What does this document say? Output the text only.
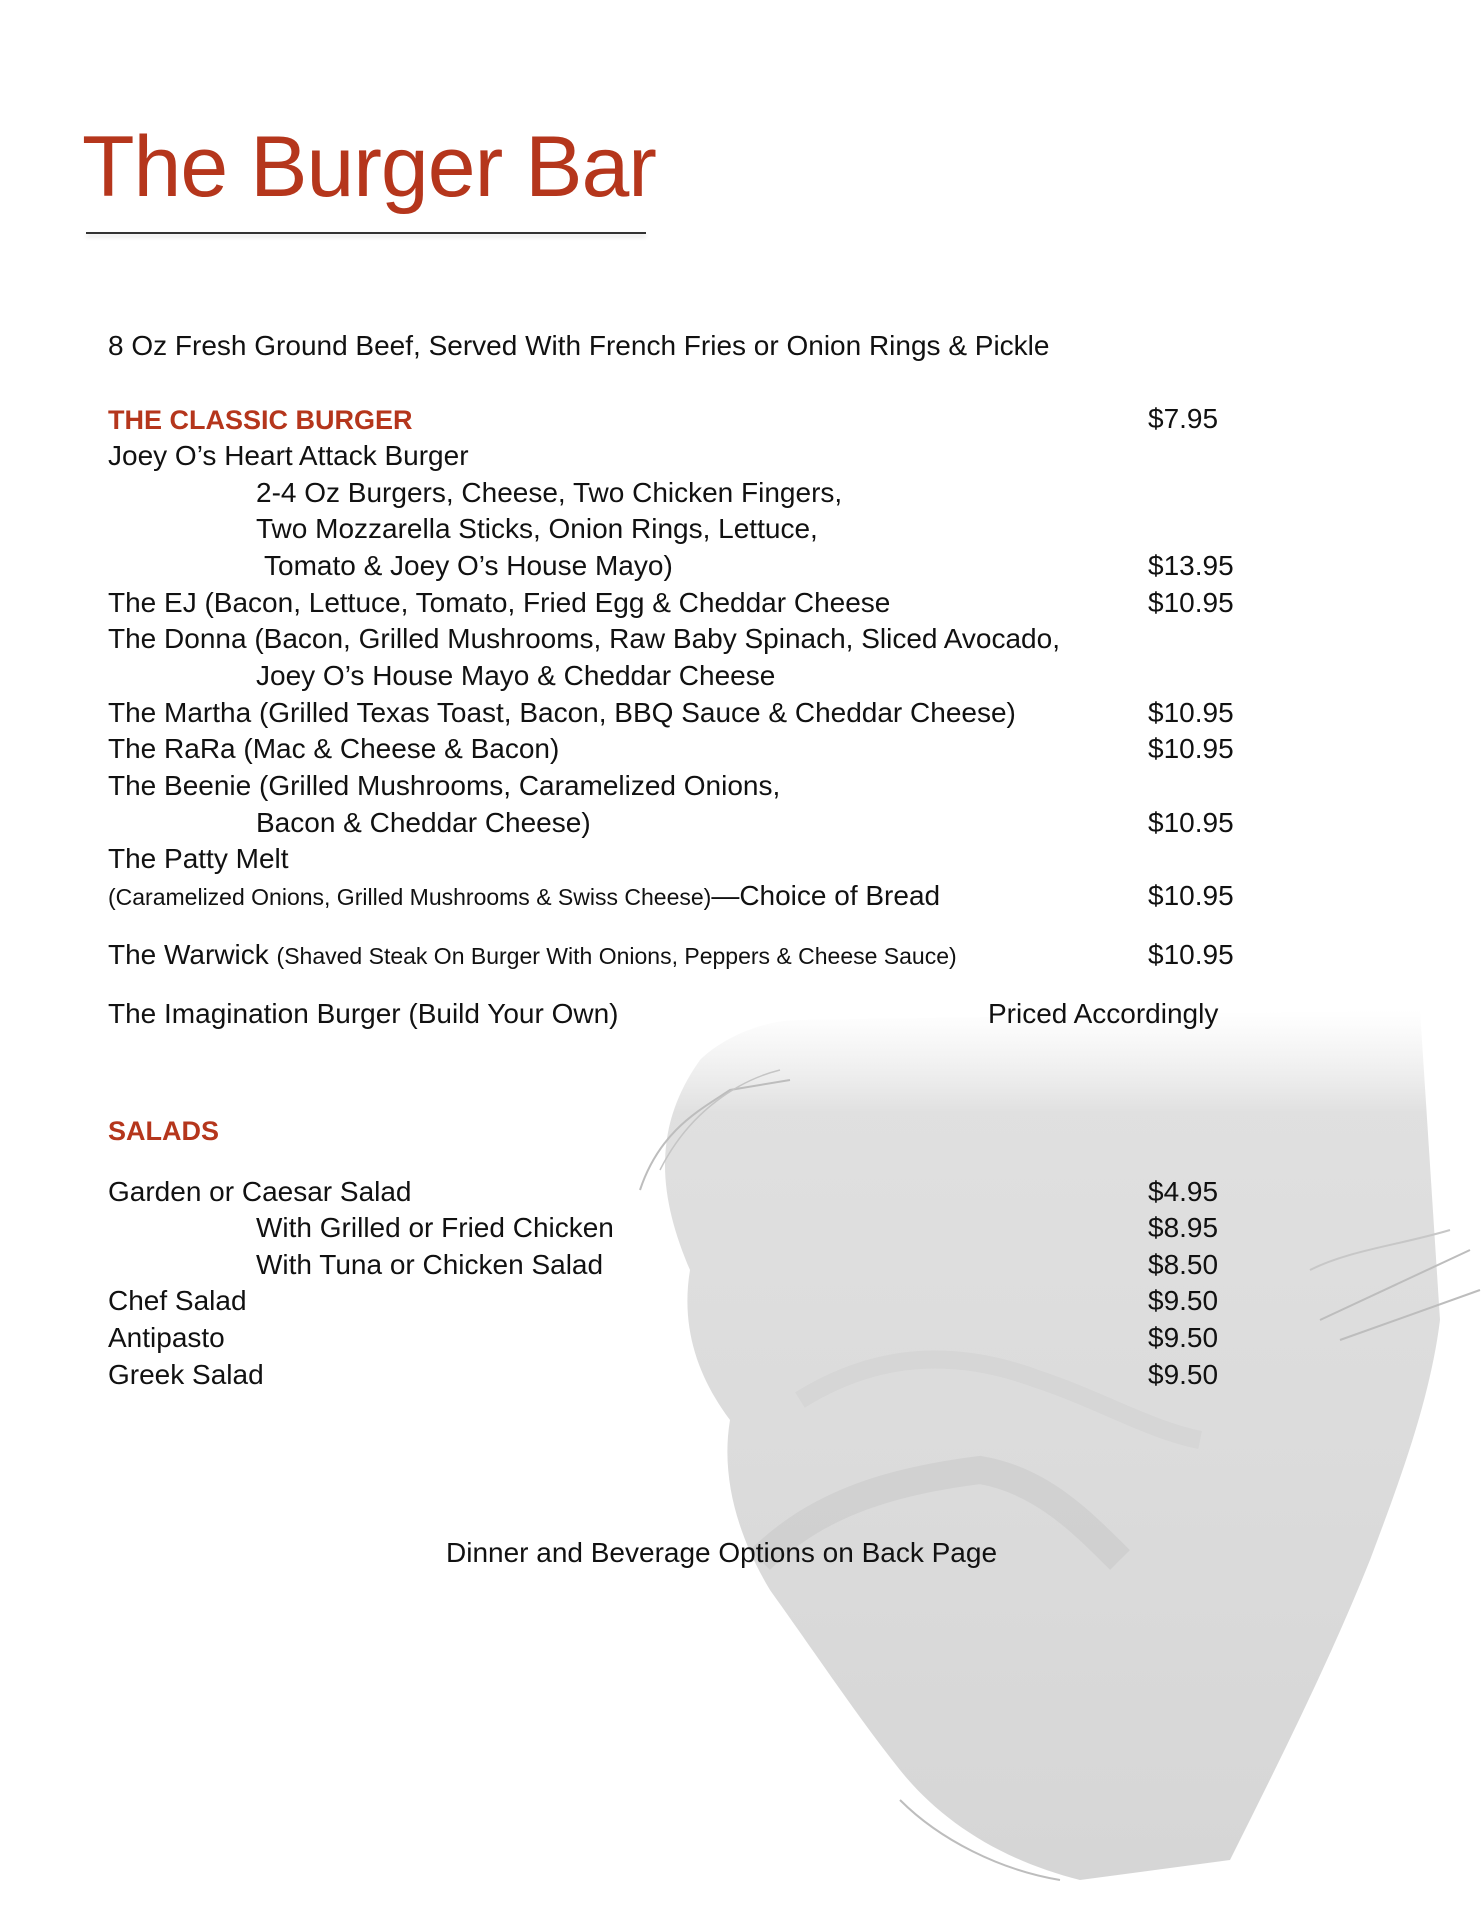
The Burger Bar
8 Oz Fresh Ground Beef, Served With French Fries or Onion Rings & Pickle
THE CLASSIC BURGER	$7.95
Joey O’s Heart Attack Burger
2-4 Oz Burgers, Cheese, Two Chicken Fingers,
Two Mozzarella Sticks, Onion Rings, Lettuce,
Tomato & Joey O’s House Mayo)	$13.95
The EJ (Bacon, Lettuce, Tomato, Fried Egg & Cheddar Cheese	$10.95
The Donna (Bacon, Grilled Mushrooms, Raw Baby Spinach, Sliced Avocado,
Joey O’s House Mayo & Cheddar Cheese
The Martha (Grilled Texas Toast, Bacon, BBQ Sauce & Cheddar Cheese)	$10.95
The RaRa (Mac & Cheese & Bacon)	$10.95
The Beenie (Grilled Mushrooms, Caramelized Onions,
Bacon & Cheddar Cheese)	$10.95
The Patty Melt
(Caramelized Onions, Grilled Mushrooms & Swiss Cheese)—Choice of Bread	$10.95
The Warwick (Shaved Steak On Burger With Onions, Peppers & Cheese Sauce)	$10.95
The Imagination Burger (Build Your Own)	Priced Accordingly
SALADS
Garden or Caesar Salad	$4.95
With Grilled or Fried Chicken	$8.95
With Tuna or Chicken Salad	$8.50
Chef Salad	$9.50
Antipasto	$9.50
Greek Salad	$9.50
Dinner and Beverage Options on Back Page
